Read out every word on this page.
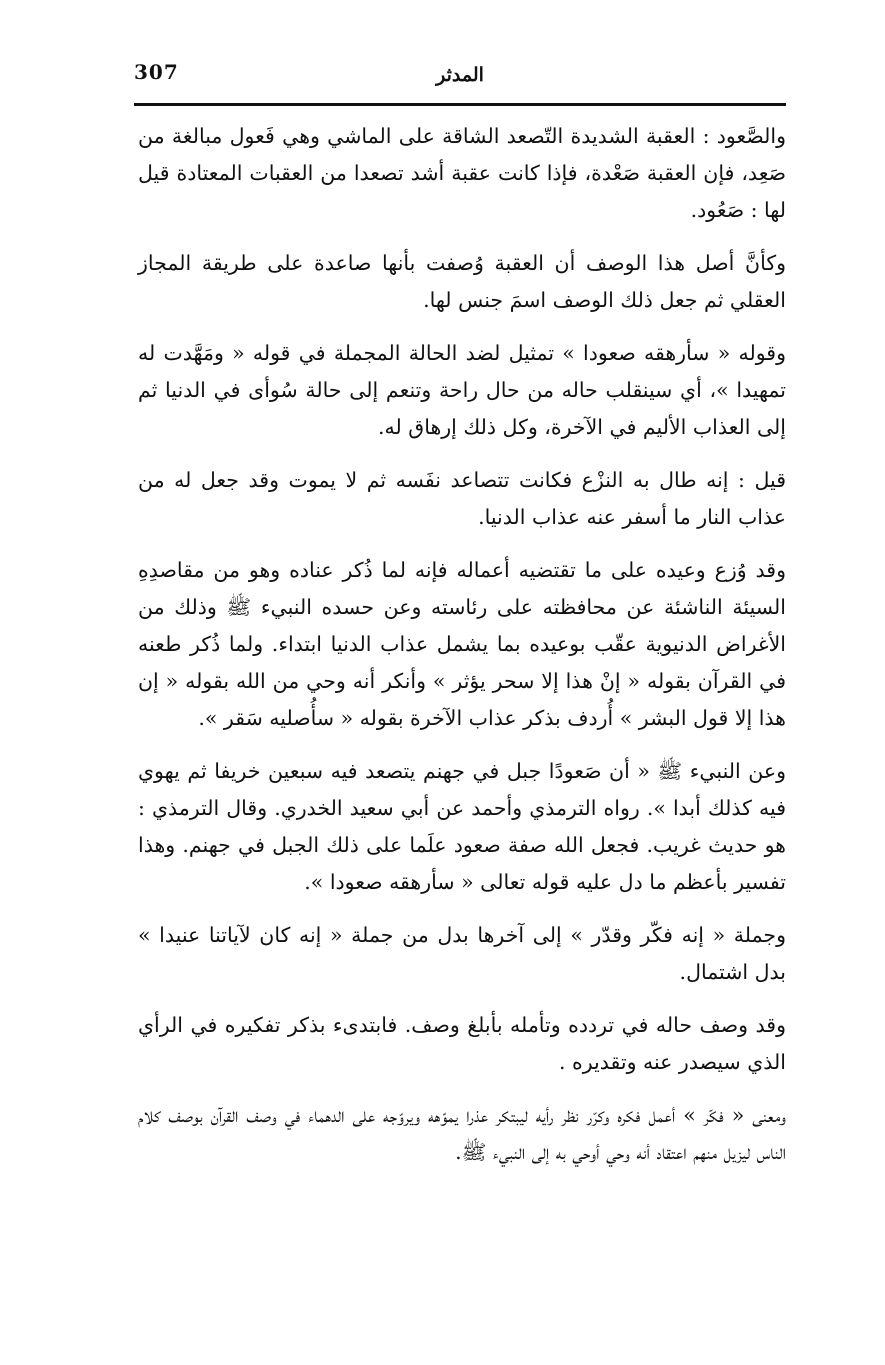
307	المدثر

والصَّعود : العقبة الشديدة التّصعد الشاقة على الماشي وهي فَعول مبالغة من صَعِد، فإن العقبة صَعْدة، فإذا كانت عقبة أشد تصعدا من العقبات المعتادة قيل لها : صَعُود.

وكأنَّ أصل هذا الوصف أن العقبة وُصفت بأنها صاعدة على طريقة المجاز العقلي ثم جعل ذلك الوصف اسمَ جنس لها.

وقوله « سأرهقه صعودا » تمثيل لضد الحالة المجملة في قوله « ومَهَّدت له تمهيدا »، أي سينقلب حاله من حال راحة وتنعم إلى حالة سُوأى في الدنيا ثم إلى العذاب الأليم في الآخرة، وكل ذلك إرهاق له.

قيل : إنه طال به النزْع فكانت تتصاعد نفَسه ثم لا يموت وقد جعل له من عذاب النار ما أسفر عنه عذاب الدنيا.

وقد وُزع وعيده على ما تقتضيه أعماله فإنه لما ذُكر عناده وهو من مقاصدِهِ السيئة الناشئة عن محافظته على رئاسته وعن حسده النبيء ﷺ وذلك من الأغراض الدنيوية عقّب بوعيده بما يشمل عذاب الدنيا ابتداء. ولما ذُكر طعنه في القرآن بقوله « إنْ هذا إلا سحر يؤثر » وأنكر أنه وحي من الله بقوله « إن هذا إلا قول البشر » أُردف بذكر عذاب الآخرة بقوله « سأُصليه سَقر ».

وعن النبيء ﷺ « أن صَعودًا جبل في جهنم يتصعد فيه سبعين خريفا ثم يهوي فيه كذلك أبدا ». رواه الترمذي وأحمد عن أبي سعيد الخدري. وقال الترمذي : هو حديث غريب. فجعل الله صفة صعود علَما على ذلك الجبل في جهنم. وهذا تفسير بأعظم ما دل عليه قوله تعالى « سأرهقه صعودا ».

وجملة « إنه فكّر وقدّر » إلى آخرها بدل من جملة « إنه كان لآياتنا عنيدا » بدل اشتمال.

وقد وصف حاله في تردده وتأمله بأبلغ وصف. فابتدىء بذكر تفكيره في الرأي الذي سيصدر عنه وتقديره .

ومعنى « فكّر » أعمل فكره وكرّر نظر رأيه ليبتكر عذرا يموّهه ويروّجه على الدهماء في وصف القرآن بوصف كلام الناس ليزيل منهم اعتقاد أنه وحي أوحي به إلى النبيء ﷺ.
